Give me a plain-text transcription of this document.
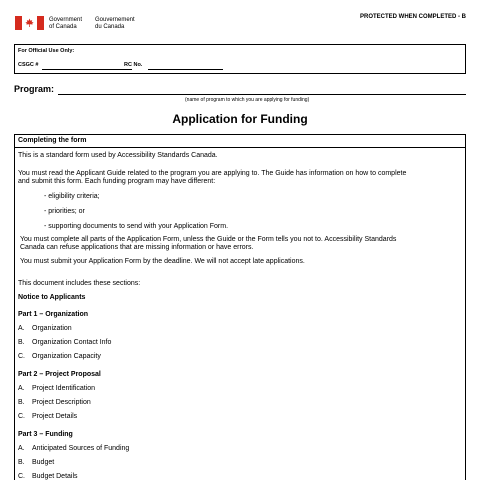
Government
of Canada
Gouvernement
du Canada
PROTECTED WHEN COMPLETED - B
For Official Use Only:
CSGC #	RC No.
Program:
(name of program to which you are applying for funding)
Application for Funding
Completing the form
This is a standard form used by Accessibility Standards Canada.
You must read the Applicant Guide related to the program you are applying to. The Guide has information on how to complete
and submit this form. Each funding program may have different:
- eligibility criteria;
- priorities; or
- supporting documents to send with your Application Form.
You must complete all parts of the Application Form, unless the Guide or the Form tells you not to. Accessibility Standards
Canada can refuse applications that are missing information or have errors.
You must submit your Application Form by the deadline. We will not accept late applications.
This document includes these sections:
Notice to Applicants
Part 1 – Organization
A. Organization
B. Organization Contact Info
C. Organization Capacity
Part 2 – Project Proposal
A. Project Identification
B. Project Description
C. Project Details
Part 3 – Funding
A. Anticipated Sources of Funding
B. Budget
C. Budget Details
